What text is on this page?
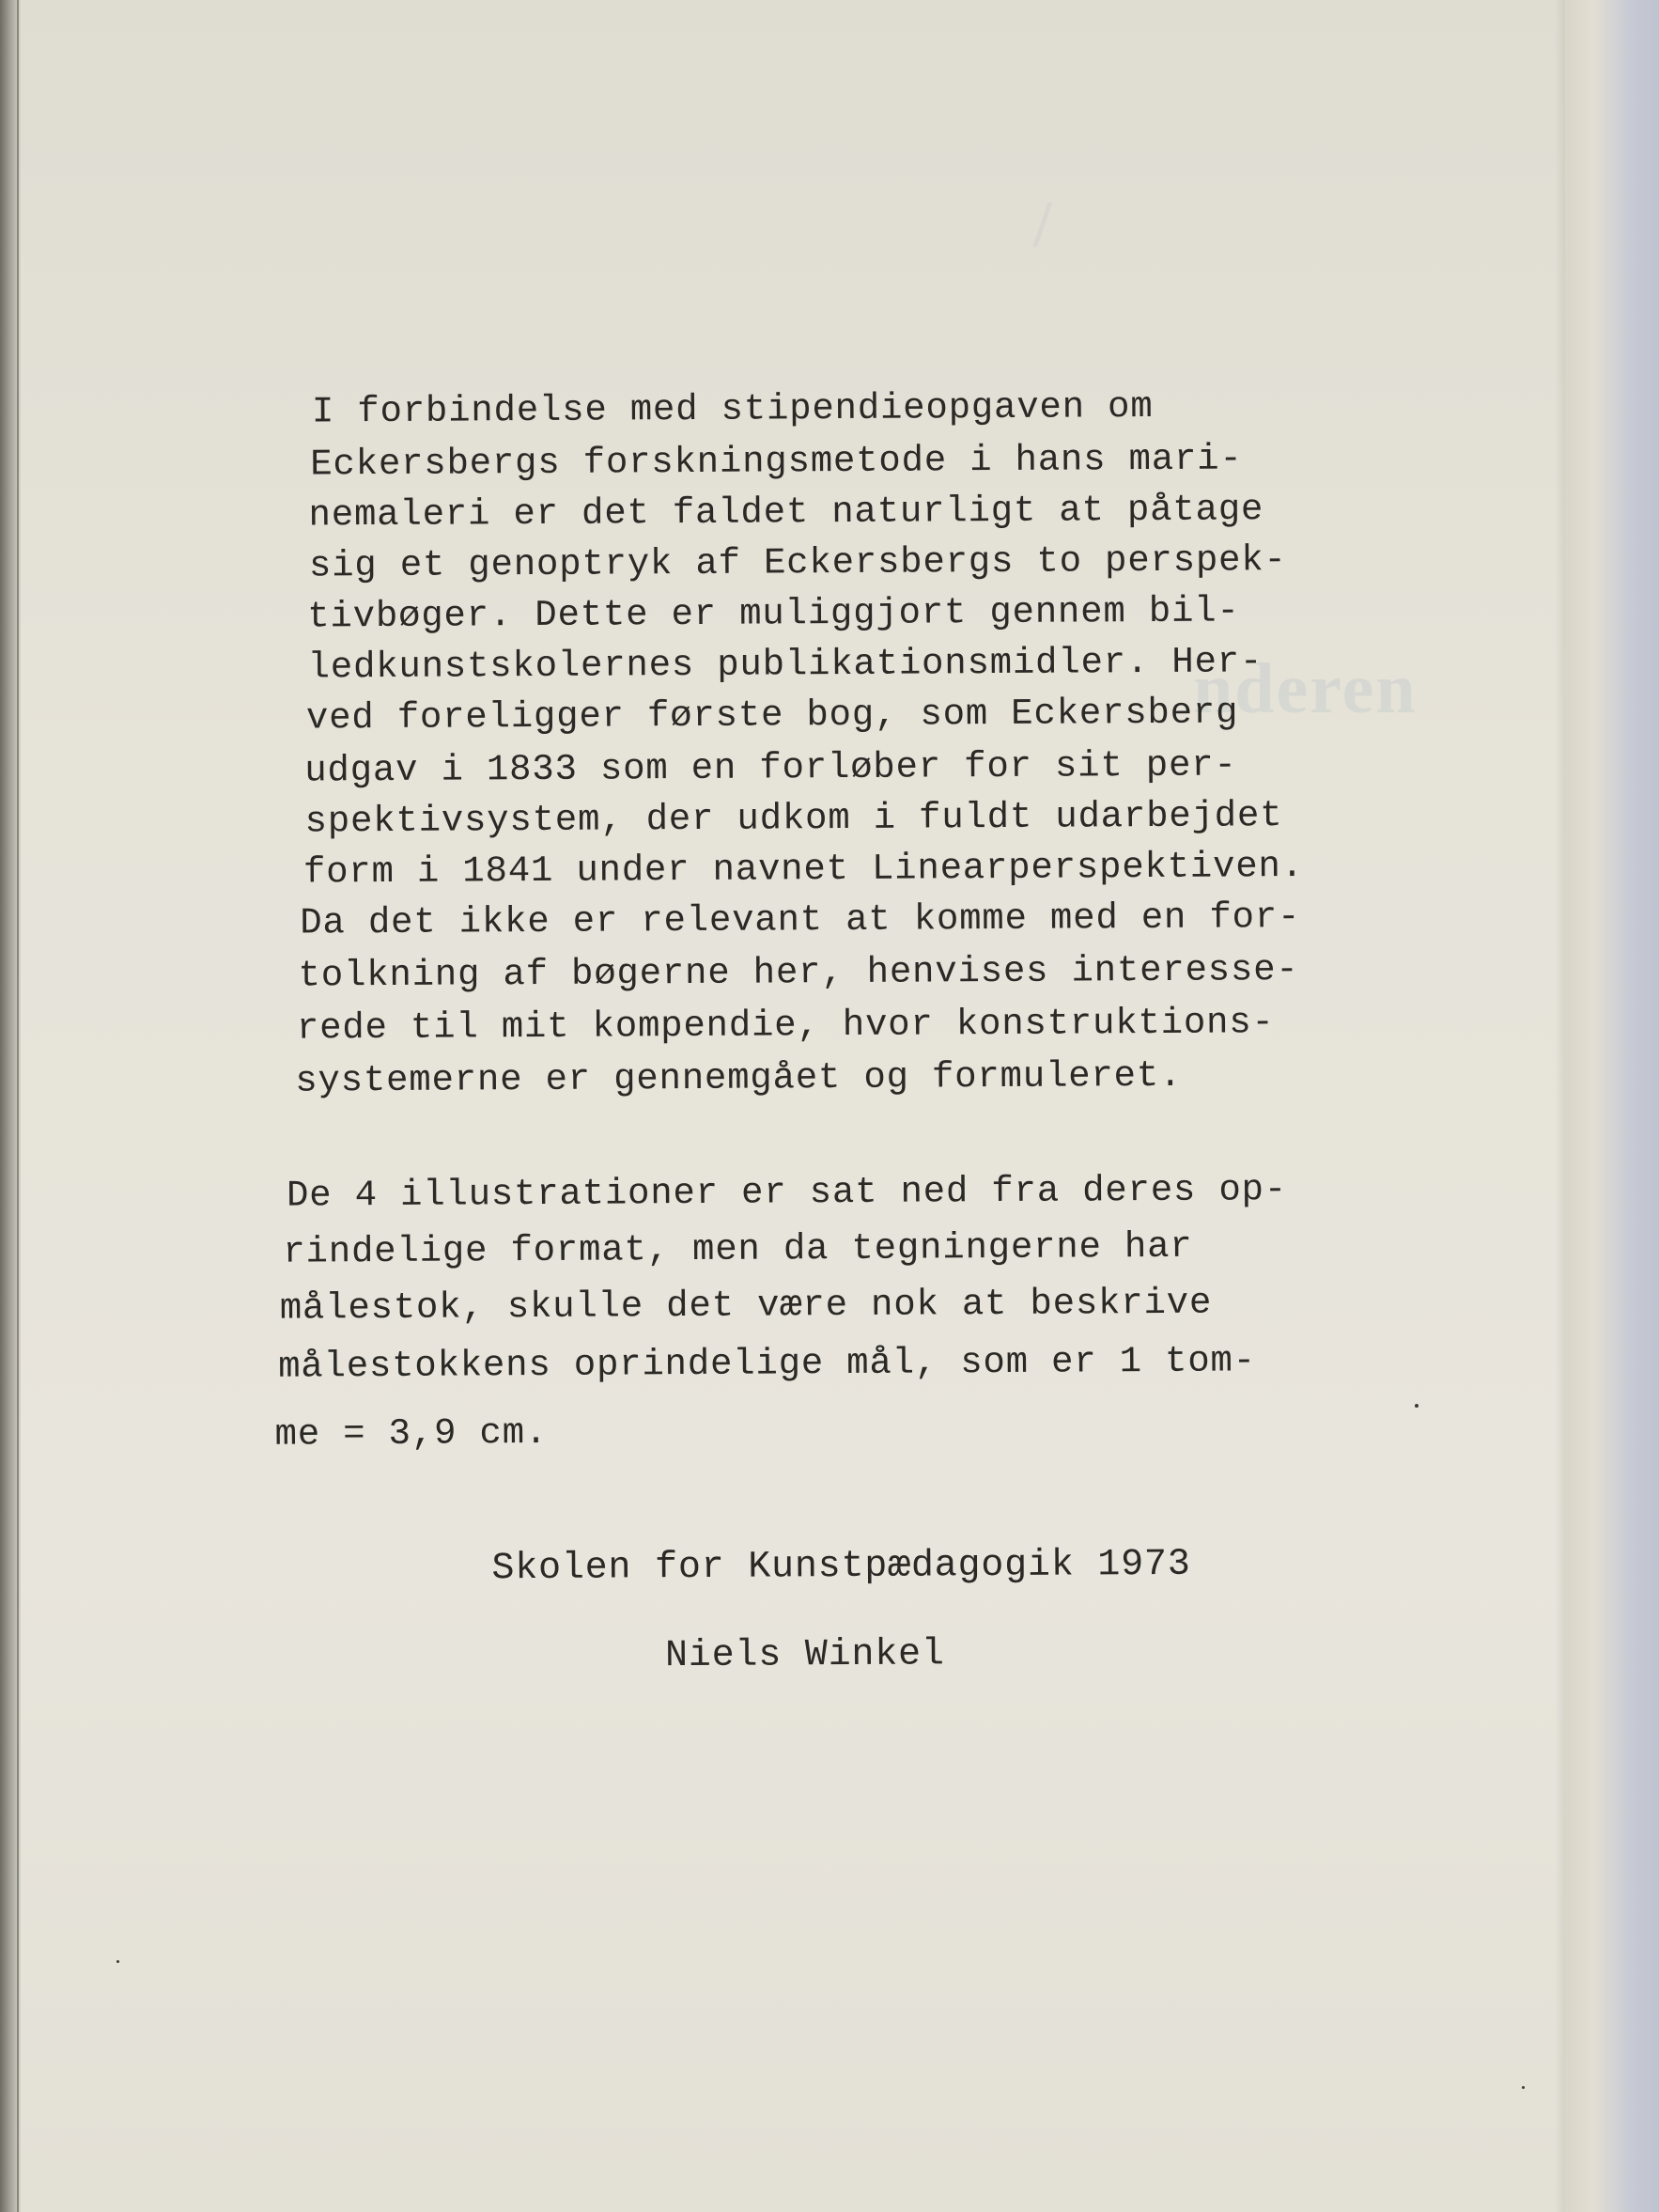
/
nderen
I forbindelse med stipendieopgaven om
Eckersbergs forskningsmetode i hans mari-
nemaleri er det faldet naturligt at påtage
sig et genoptryk af Eckersbergs to perspek-
tivbøger. Dette er muliggjort gennem bil-
ledkunstskolernes publikationsmidler. Her-
ved foreligger første bog, som Eckersberg
udgav i 1833 som en forløber for sit per-
spektivsystem, der udkom i fuldt udarbejdet
form i 1841 under navnet Linearperspektiven.
Da det ikke er relevant at komme med en for-
tolkning af bøgerne her, henvises interesse-
rede til mit kompendie, hvor konstruktions-
systemerne er gennemgået og formuleret.
De 4 illustrationer er sat ned fra deres op-
rindelige format, men da tegningerne har
målestok, skulle det være nok at beskrive
målestokkens oprindelige mål, som er 1 tom-
me = 3,9 cm.
Skolen for Kunstpædagogik 1973
Niels Winkel
